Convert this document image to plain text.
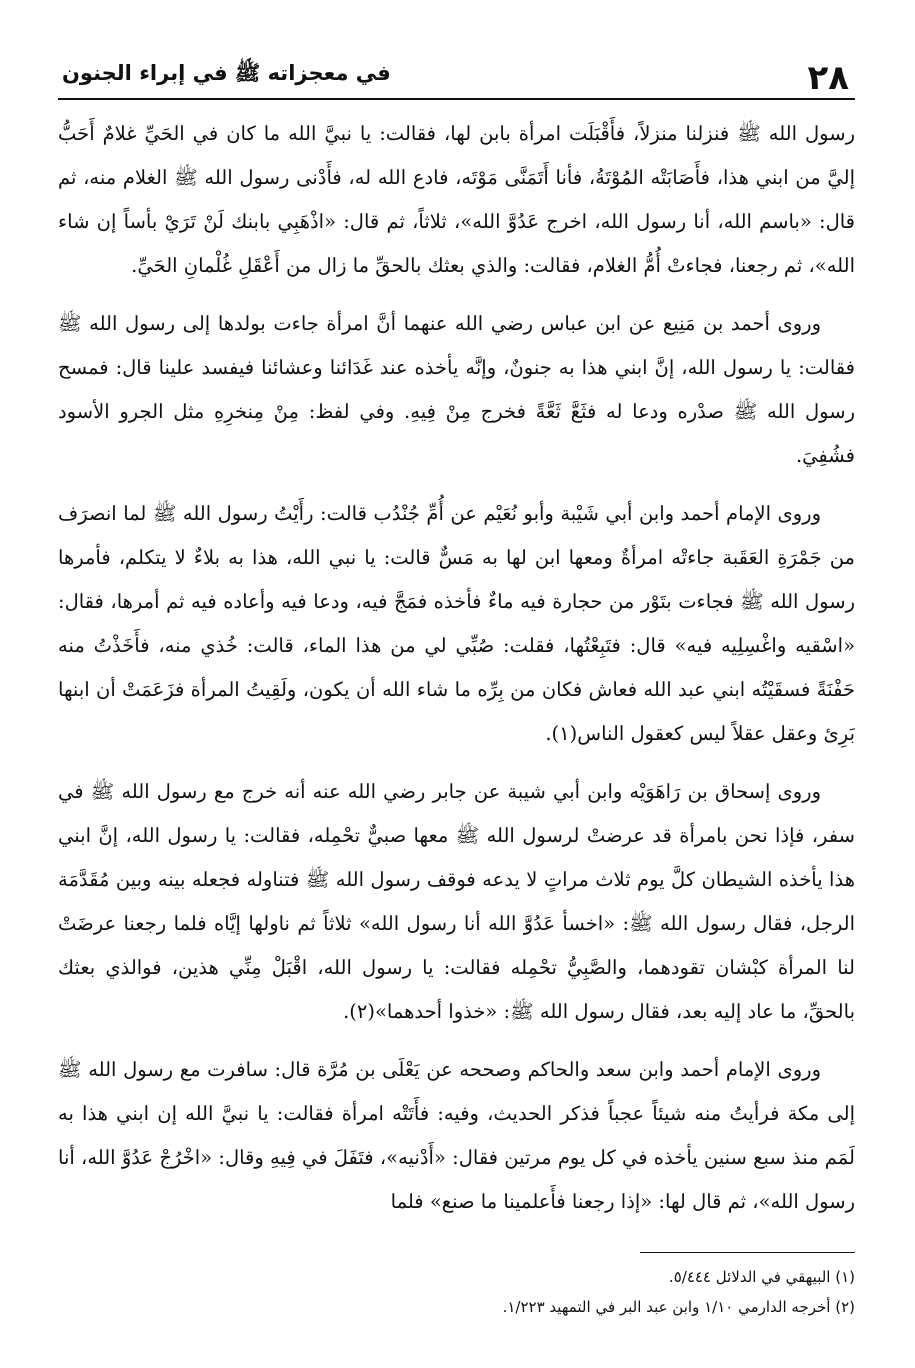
٢٨
في معجزاته ﷺ في إبراء الجنون

رسول الله ﷺ فنزلنا منزلاً، فأَقْبَلَت امرأة بابن لها، فقالت: يا نبيَّ الله ما كان في الحَيِّ غلامٌ أَحَبُّ إليَّ من ابني هذا، فأَصَابَتْه المُوْتَةُ، فأنا أَتَمَنَّى مَوْتَه، فادع الله له، فأَدْنى رسول الله ﷺ الغلام منه، ثم قال: «باسم الله، أنا رسول الله، اخرج عَدُوَّ الله»، ثلاثاً، ثم قال: «اذْهَبِي بابنك لَنْ تَرَيْ بأساً إن شاء الله»، ثم رجعنا، فجاءتْ أُمُّ الغلام، فقالت: والذي بعثك بالحقِّ ما زال من أَعْقَلِ غُلْمانِ الحَيِّ.

وروى أحمد بن مَنِيع عن ابن عباس رضي الله عنهما أنَّ امرأة جاءت بولدها إلى رسول الله ﷺ فقالت: يا رسول الله، إنَّ ابني هذا به جنونٌ، وإنَّه يأخذه عند غَدَائنا وعشائنا فيفسد علينا قال: فمسح رسول الله ﷺ صدْره ودعا له فثَعَّ ثَعَّةً فخرج مِنْ فِيهِ. وفي لفظ: مِنْ مِنخرِهِ مثل الجرو الأسود فشُفِيَ.

وروى الإمام أحمد وابن أبي شَيْبة وأبو نُعَيْم عن أُمِّ جُنْدُب قالت: رأَيْتُ رسول الله ﷺ لما انصرَف من جَمْرَةِ العَقَبة جاءتْه امرأةٌ ومعها ابن لها به مَسٌّ قالت: يا نبي الله، هذا به بلاءٌ لا يتكلم، فأمرها رسول الله ﷺ فجاءت بتَوْر من حجارة فيه ماءٌ فأخذه فمَجَّ فيه، ودعا فيه وأعاده فيه ثم أمرها، فقال: «اسْقيه واغْسِلِيه فيه» قال: فتَبِعْتُها، فقلت: صُبِّي لي من هذا الماء، قالت: خُذي منه، فأَخَذْتُ منه حَفْنَةً فسقَيْتُه ابني عبد الله فعاش فكان من بِرِّه ما شاء الله أن يكون، ولَقِيتُ المرأة فزَعَمَتْ أن ابنها بَرِئ وعقل عقلاً ليس كعقول الناس(١).

وروى إسحاق بن رَاهَوَيْه وابن أبي شيبة عن جابر رضي الله عنه أنه خرج مع رسول الله ﷺ في سفر، فإذا نحن بامرأة قد عرضتْ لرسول الله ﷺ معها صبيٌّ تحْمِله، فقالت: يا رسول الله، إنَّ ابني هذا يأخذه الشيطان كلَّ يوم ثلاث مراتٍ لا يدعه فوقف رسول الله ﷺ فتناوله فجعله بينه وبين مُقَدَّمَة الرجل، فقال رسول الله ﷺ: «اخسأ عَدُوَّ الله أنا رسول الله» ثلاثاً ثم ناولها إيَّاه فلما رجعنا عرضَتْ لنا المرأة كبْشان تقودهما، والصَّبِيُّ تحْمِله فقالت: يا رسول الله، اقْبَلْ مِنِّي هذين، فوالذي بعثك بالحقِّ، ما عاد إليه بعد، فقال رسول الله ﷺ: «خذوا أحدهما»(٢).

وروى الإمام أحمد وابن سعد والحاكم وصححه عن يَعْلَى بن مُرَّة قال: سافرت مع رسول الله ﷺ إلى مكة فرأيتُ منه شيئاً عجباً فذكر الحديث، وفيه: فأَتَتْه امرأة فقالت: يا نبيَّ الله إن ابني هذا به لَمَم منذ سبع سنين يأخذه في كل يوم مرتين فقال: «أَدْنيه»، فتَفَلَ في فِيهِ وقال: «اخْرُجْ عَدُوَّ الله، أنا رسول الله»، ثم قال لها: «إذا رجعنا فأَعلمينا ما صنع» فلما

(١) البيهقي في الدلائل ٥/٤٤٤.
(٢) أخرجه الدارمي ١/١٠ وابن عبد البر في التمهيد ١/٢٢٣.
